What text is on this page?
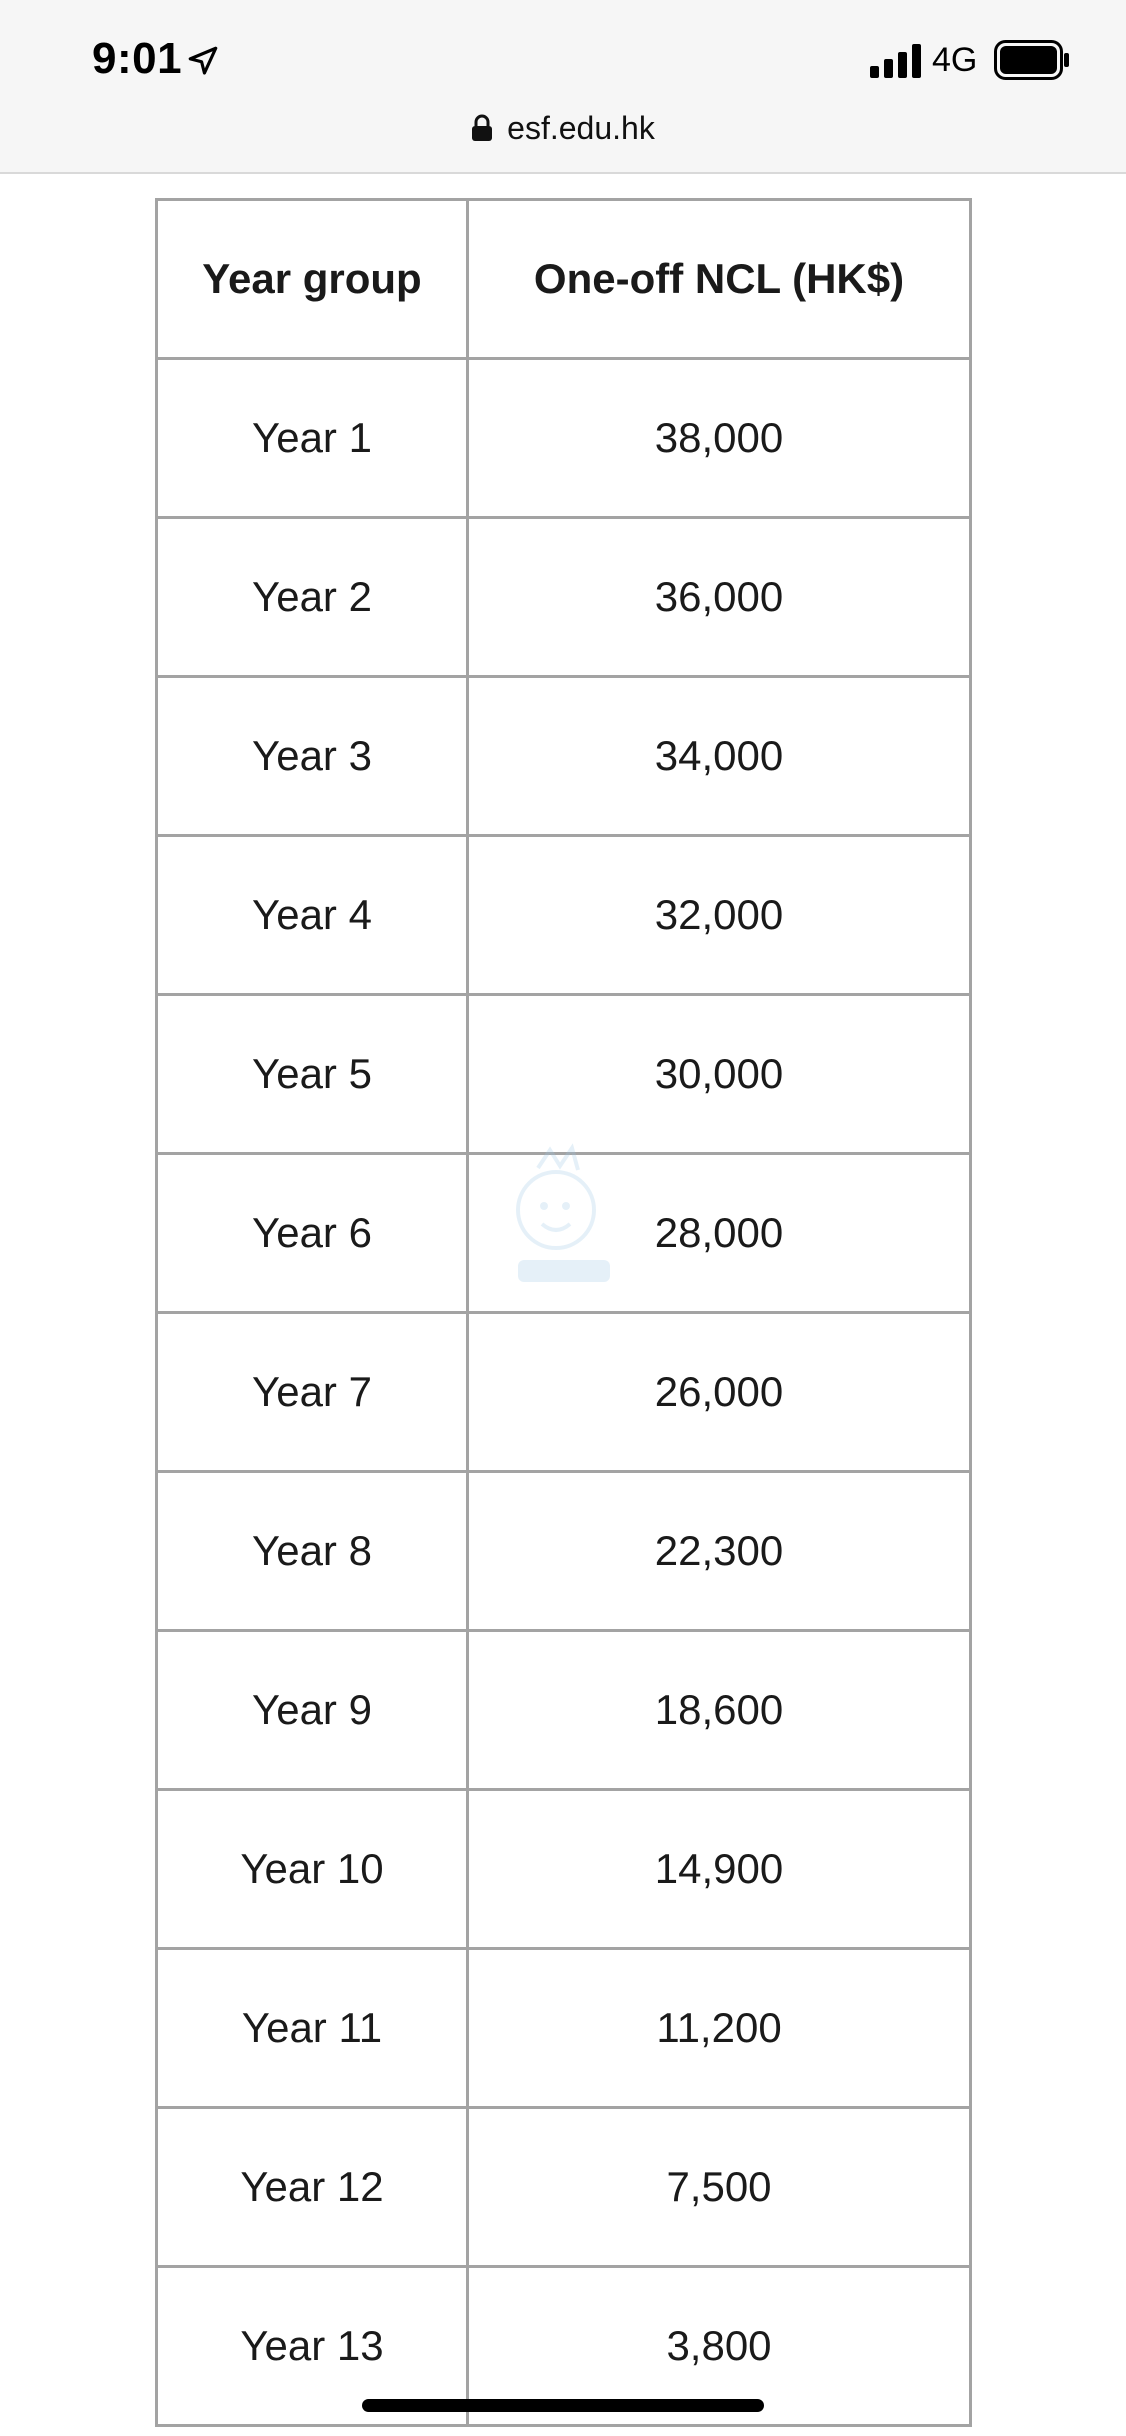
9:01	4G
esf.edu.hk
Year group	One-off NCL (HK$)
Year 1	38,000
Year 2	36,000
Year 3	34,000
Year 4	32,000
Year 5	30,000
Year 6	28,000
Year 7	26,000
Year 8	22,300
Year 9	18,600
Year 10	14,900
Year 11	11,200
Year 12	7,500
Year 13	3,800
